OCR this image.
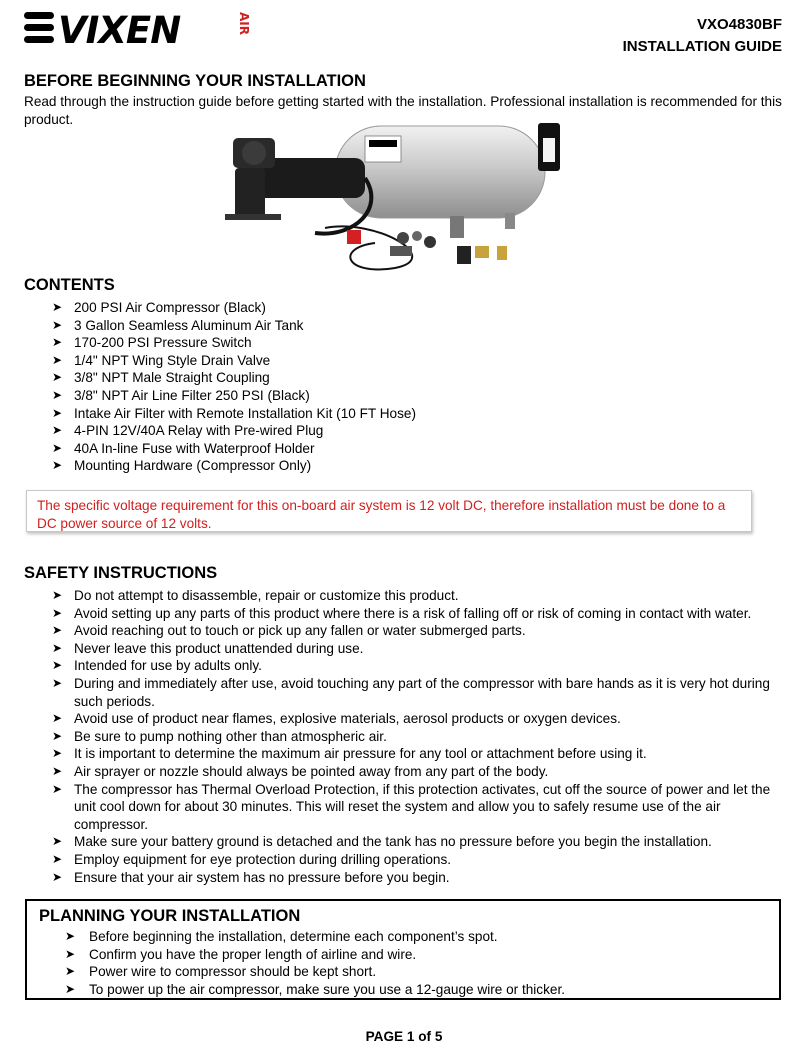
VIXEN	AIR	VXO4830BF
INSTALLATION GUIDE
BEFORE BEGINNING YOUR INSTALLATION
Read through the instruction guide before getting started with the installation. Professional installation is recommended for this product.
CONTENTS
➤ 200 PSI Air Compressor (Black)
➤ 3 Gallon Seamless Aluminum Air Tank
➤ 170-200 PSI Pressure Switch
➤ 1/4" NPT Wing Style Drain Valve
➤ 3/8" NPT Male Straight Coupling
➤ 3/8" NPT Air Line Filter 250 PSI (Black)
➤ Intake Air Filter with Remote Installation Kit (10 FT Hose)
➤ 4-PIN 12V/40A Relay with Pre-wired Plug
➤ 40A In-line Fuse with Waterproof Holder
➤ Mounting Hardware (Compressor Only)
The specific voltage requirement for this on-board air system is 12 volt DC, therefore installation must be done to a DC power source of 12 volts.
SAFETY INSTRUCTIONS
➤ Do not attempt to disassemble, repair or customize this product.
➤ Avoid setting up any parts of this product where there is a risk of falling off or risk of coming in contact with water.
➤ Avoid reaching out to touch or pick up any fallen or water submerged parts.
➤ Never leave this product unattended during use.
➤ Intended for use by adults only.
➤ During and immediately after use, avoid touching any part of the compressor with bare hands as it is very hot during such periods.
➤ Avoid use of product near flames, explosive materials, aerosol products or oxygen devices.
➤ Be sure to pump nothing other than atmospheric air.
➤ It is important to determine the maximum air pressure for any tool or attachment before using it.
➤ Air sprayer or nozzle should always be pointed away from any part of the body.
➤ The compressor has Thermal Overload Protection, if this protection activates, cut off the source of power and let the unit cool down for about 30 minutes. This will reset the system and allow you to safely resume use of the air compressor.
➤ Make sure your battery ground is detached and the tank has no pressure before you begin the installation.
➤ Employ equipment for eye protection during drilling operations.
➤ Ensure that your air system has no pressure before you begin.
PLANNING YOUR INSTALLATION
➤ Before beginning the installation, determine each component’s spot.
➤ Confirm you have the proper length of airline and wire.
➤ Power wire to compressor should be kept short.
➤ To power up the air compressor, make sure you use a 12-gauge wire or thicker.
PAGE 1 of 5
